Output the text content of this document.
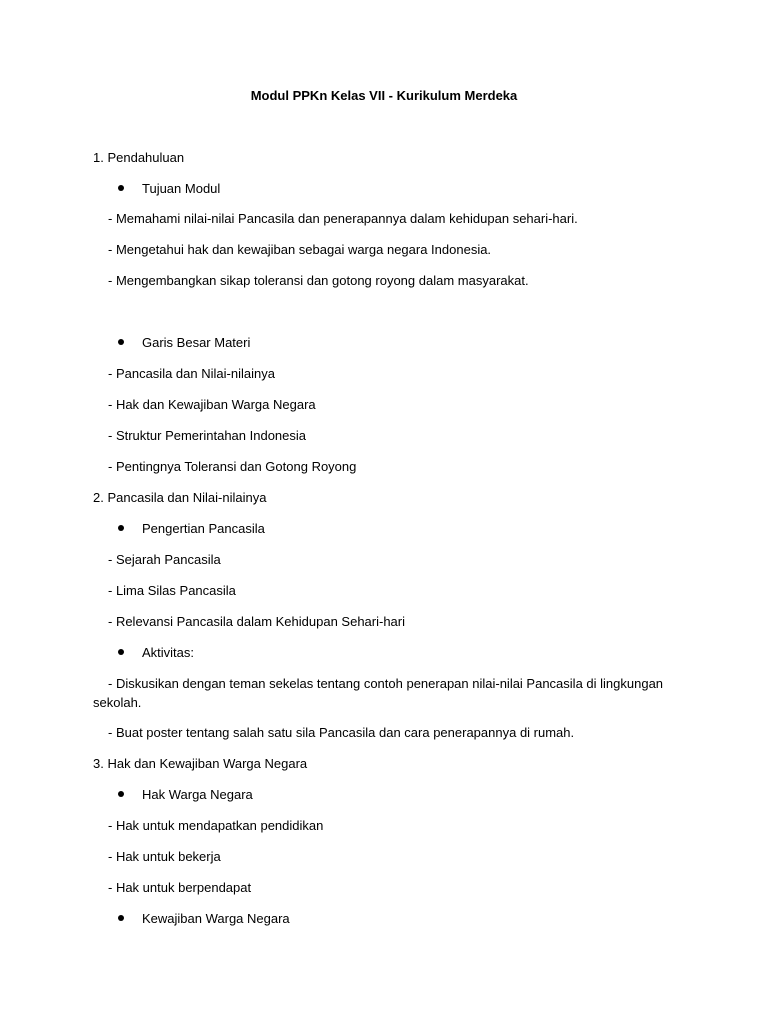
Modul PPKn Kelas VII - Kurikulum Merdeka
1. Pendahuluan
Tujuan Modul
- Memahami nilai-nilai Pancasila dan penerapannya dalam kehidupan sehari-hari.
- Mengetahui hak dan kewajiban sebagai warga negara Indonesia.
- Mengembangkan sikap toleransi dan gotong royong dalam masyarakat.
Garis Besar Materi
- Pancasila dan Nilai-nilainya
- Hak dan Kewajiban Warga Negara
- Struktur Pemerintahan Indonesia
- Pentingnya Toleransi dan Gotong Royong
2. Pancasila dan Nilai-nilainya
Pengertian Pancasila
- Sejarah Pancasila
- Lima Silas Pancasila
- Relevansi Pancasila dalam Kehidupan Sehari-hari
Aktivitas:
- Diskusikan dengan teman sekelas tentang contoh penerapan nilai-nilai Pancasila di lingkungan sekolah.
- Buat poster tentang salah satu sila Pancasila dan cara penerapannya di rumah.
3. Hak dan Kewajiban Warga Negara
Hak Warga Negara
- Hak untuk mendapatkan pendidikan
- Hak untuk bekerja
- Hak untuk berpendapat
Kewajiban Warga Negara
